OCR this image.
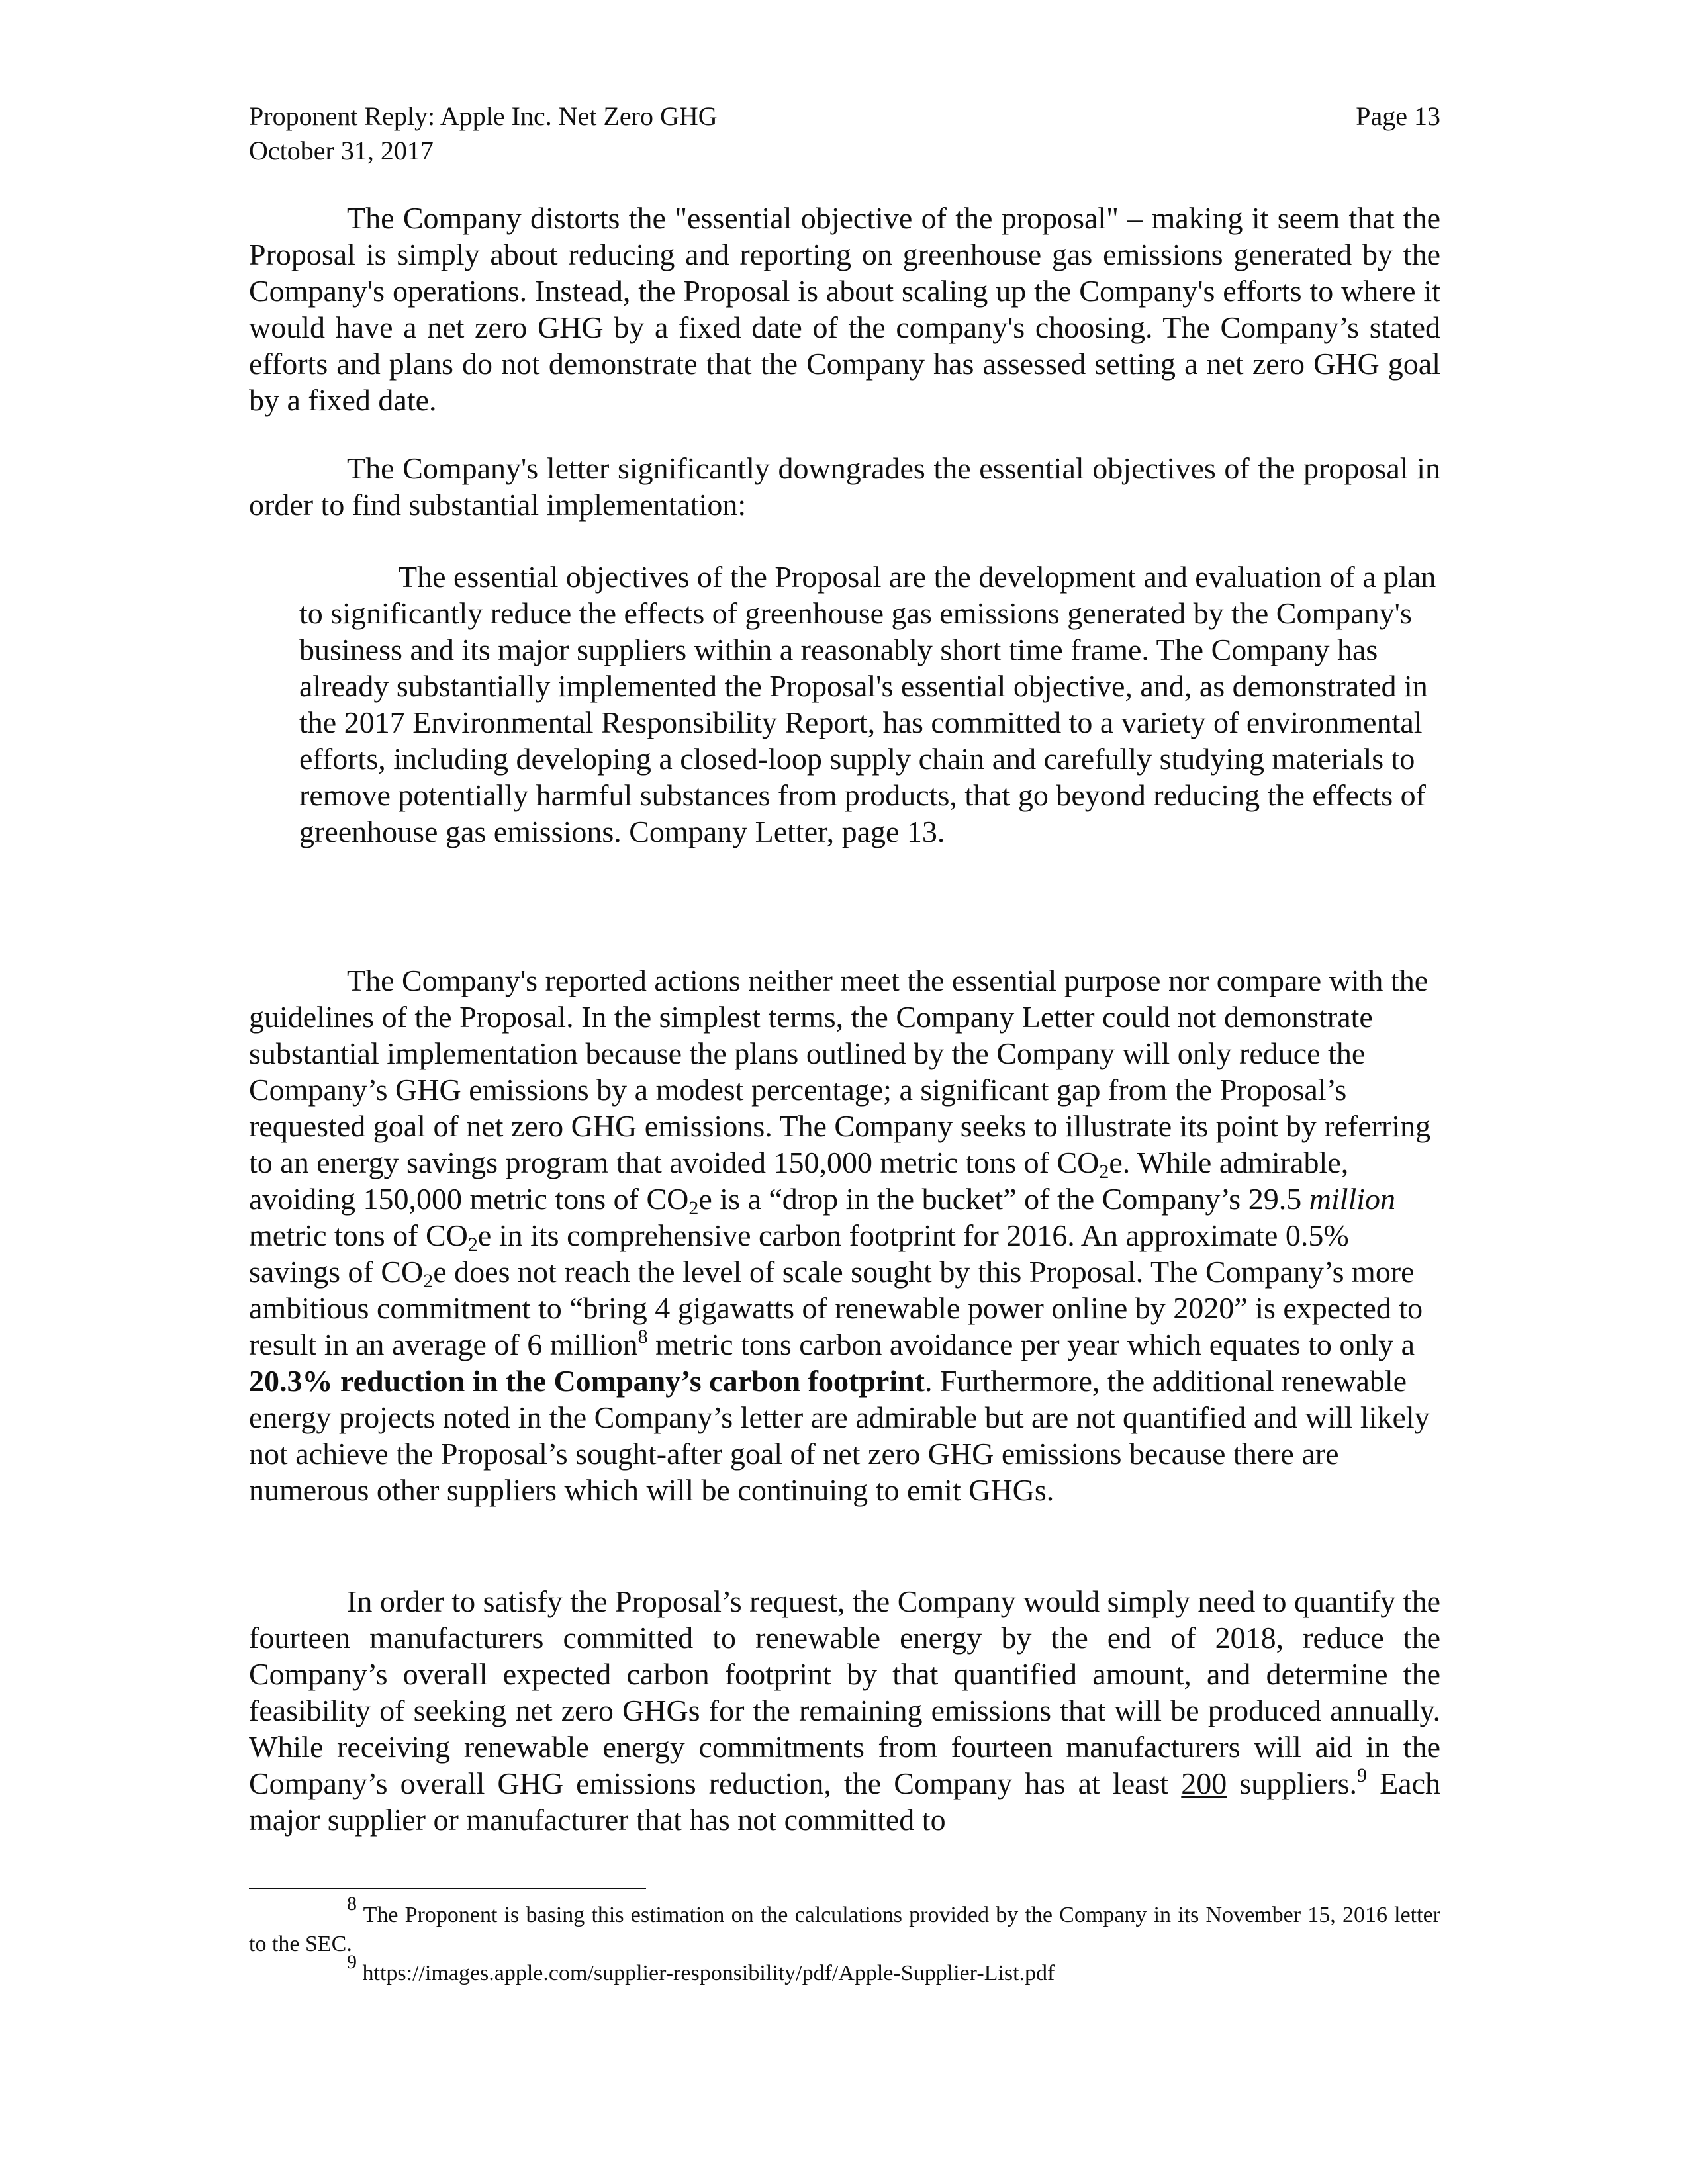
Proponent Reply: Apple Inc. Net Zero GHG	Page 13
October 31, 2017

The Company distorts the "essential objective of the proposal" – making it seem that the Proposal is simply about reducing and reporting on greenhouse gas emissions generated by the Company's operations. Instead, the Proposal is about scaling up the Company's efforts to where it would have a net zero GHG by a fixed date of the company's choosing. The Company’s stated efforts and plans do not demonstrate that the Company has assessed setting a net zero GHG goal by a fixed date.

The Company's letter significantly downgrades the essential objectives of the proposal in order to find substantial implementation:

The essential objectives of the Proposal are the development and evaluation of a plan to significantly reduce the effects of greenhouse gas emissions generated by the Company's business and its major suppliers within a reasonably short time frame. The Company has already substantially implemented the Proposal's essential objective, and, as demonstrated in the 2017 Environmental Responsibility Report, has committed to a variety of environmental efforts, including developing a closed-loop supply chain and carefully studying materials to remove potentially harmful substances from products, that go beyond reducing the effects of greenhouse gas emissions. Company Letter, page 13.

The Company's reported actions neither meet the essential purpose nor compare with the guidelines of the Proposal. In the simplest terms, the Company Letter could not demonstrate substantial implementation because the plans outlined by the Company will only reduce the Company’s GHG emissions by a modest percentage; a significant gap from the Proposal’s requested goal of net zero GHG emissions. The Company seeks to illustrate its point by referring to an energy savings program that avoided 150,000 metric tons of $CO_2e$. While admirable, avoiding 150,000 metric tons of $CO_2e$ is a “drop in the bucket” of the Company’s 29.5 million metric tons of $CO_2e$ in its comprehensive carbon footprint for 2016. An approximate 0.5% savings of $CO_2e$ does not reach the level of scale sought by this Proposal. The Company’s more ambitious commitment to “bring 4 gigawatts of renewable power online by 2020” is expected to result in an average of 6 million$^8$ metric tons carbon avoidance per year which equates to only a 20.3% reduction in the Company’s carbon footprint. Furthermore, the additional renewable energy projects noted in the Company’s letter are admirable but are not quantified and will likely not achieve the Proposal’s sought-after goal of net zero GHG emissions because there are numerous other suppliers which will be continuing to emit GHGs.

In order to satisfy the Proposal’s request, the Company would simply need to quantify the fourteen manufacturers committed to renewable energy by the end of 2018, reduce the Company’s overall expected carbon footprint by that quantified amount, and determine the feasibility of seeking net zero GHGs for the remaining emissions that will be produced annually. While receiving renewable energy commitments from fourteen manufacturers will aid in the Company’s overall GHG emissions reduction, the Company has at least 200 suppliers.$^9$ Each major supplier or manufacturer that has not committed to

$^8$ The Proponent is basing this estimation on the calculations provided by the Company in its November 15, 2016 letter to the SEC.

$^9$ https://images.apple.com/supplier-responsibility/pdf/Apple-Supplier-List.pdf
